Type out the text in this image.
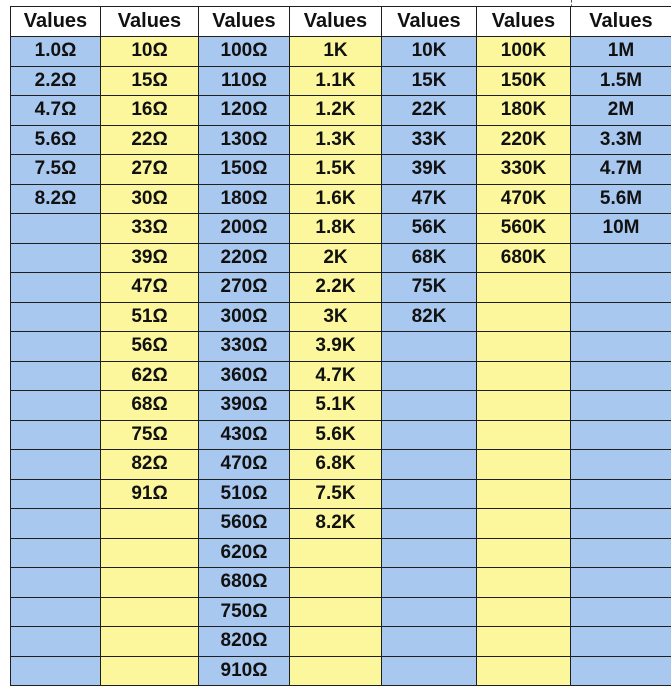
Values	Values	Values	Values	Values	Values	Values
1.0Ω	10Ω	100Ω	1K	10K	100K	1M
2.2Ω	15Ω	110Ω	1.1K	15K	150K	1.5M
4.7Ω	16Ω	120Ω	1.2K	22K	180K	2M
5.6Ω	22Ω	130Ω	1.3K	33K	220K	3.3M
7.5Ω	27Ω	150Ω	1.5K	39K	330K	4.7M
8.2Ω	30Ω	180Ω	1.6K	47K	470K	5.6M
	33Ω	200Ω	1.8K	56K	560K	10M
	39Ω	220Ω	2K	68K	680K	
	47Ω	270Ω	2.2K	75K		
	51Ω	300Ω	3K	82K		
	56Ω	330Ω	3.9K			
	62Ω	360Ω	4.7K			
	68Ω	390Ω	5.1K			
	75Ω	430Ω	5.6K			
	82Ω	470Ω	6.8K			
	91Ω	510Ω	7.5K			
		560Ω	8.2K			
		620Ω				
		680Ω				
		750Ω				
		820Ω				
		910Ω				
